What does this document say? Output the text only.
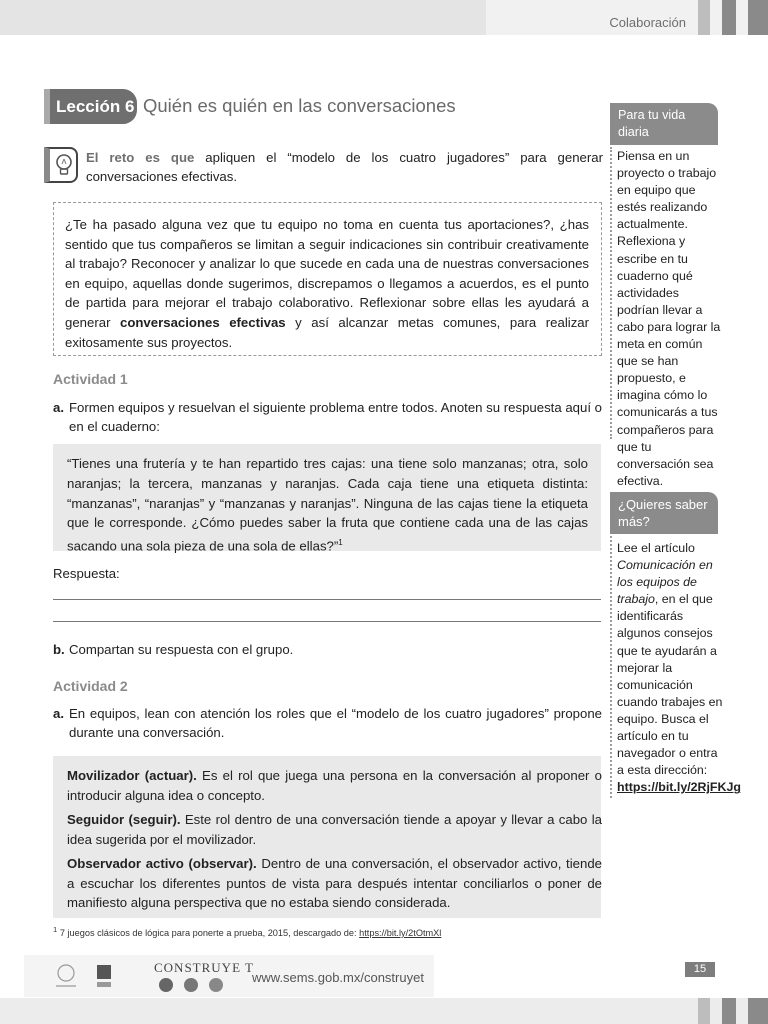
Colaboración
Lección 6 Quién es quién en las conversaciones
El reto es que apliquen el “modelo de los cuatro jugadores” para generar conversaciones efectivas.
¿Te ha pasado alguna vez que tu equipo no toma en cuenta tus aportaciones?, ¿has sentido que tus compañeros se limitan a seguir indicaciones sin contribuir creativamente al trabajo? Reconocer y analizar lo que sucede en cada una de nuestras conversaciones en equipo, aquellas donde sugerimos, discrepamos o llegamos a acuerdos, es el punto de partida para mejorar el trabajo colaborativo. Reflexionar sobre ellas les ayudará a generar conversaciones efectivas y así alcanzar metas comunes, para realizar exitosamente sus proyectos.
Actividad 1
a. Formen equipos y resuelvan el siguiente problema entre todos. Anoten su respuesta aquí o en el cuaderno:
“Tienes una frutería y te han repartido tres cajas: una tiene solo manzanas; otra, solo naranjas; la tercera, manzanas y naranjas. Cada caja tiene una etiqueta distinta: “manzanas”, “naranjas” y “manzanas y naranjas”. Ninguna de las cajas tiene la etiqueta que le corresponde. ¿Cómo puedes saber la fruta que contiene cada una de las cajas sacando una sola pieza de una sola de ellas?”$^1$
Respuesta:
b. Compartan su respuesta con el grupo.
Actividad 2
a. En equipos, lean con atención los roles que el “modelo de los cuatro jugadores” propone durante una conversación.
Movilizador (actuar). Es el rol que juega una persona en la conversación al proponer o introducir alguna idea o concepto.
Seguidor (seguir). Este rol dentro de una conversación tiende a apoyar y llevar a cabo la idea sugerida por el movilizador.
Observador activo (observar). Dentro de una conversación, el observador activo, tiende a escuchar los diferentes puntos de vista para después intentar conciliarlos o poner de manifiesto alguna perspectiva que no estaba siendo considerada.
$^1$ 7 juegos clásicos de lógica para ponerte a prueba, 2015, descargado de: https://bit.ly/2tOtmXl
Para tu vida diaria
Piensa en un proyecto o trabajo en equipo que estés realizando actualmente. Reflexiona y escribe en tu cuaderno qué actividades podrían llevar a cabo para lograr la meta en común que se han propuesto, e imagina cómo lo comunicarás a tus compañeros para que tu conversación sea efectiva.
¿Quieres saber más?
Lee el artículo Comunicación en los equipos de trabajo, en el que identificarás algunos consejos que te ayudarán a mejorar la comunicación cuando trabajes en equipo. Busca el artículo en tu navegador o entra a esta dirección: https://bit.ly/2RjFKJg
CONSTRUYE T
www.sems.gob.mx/construyet
15
